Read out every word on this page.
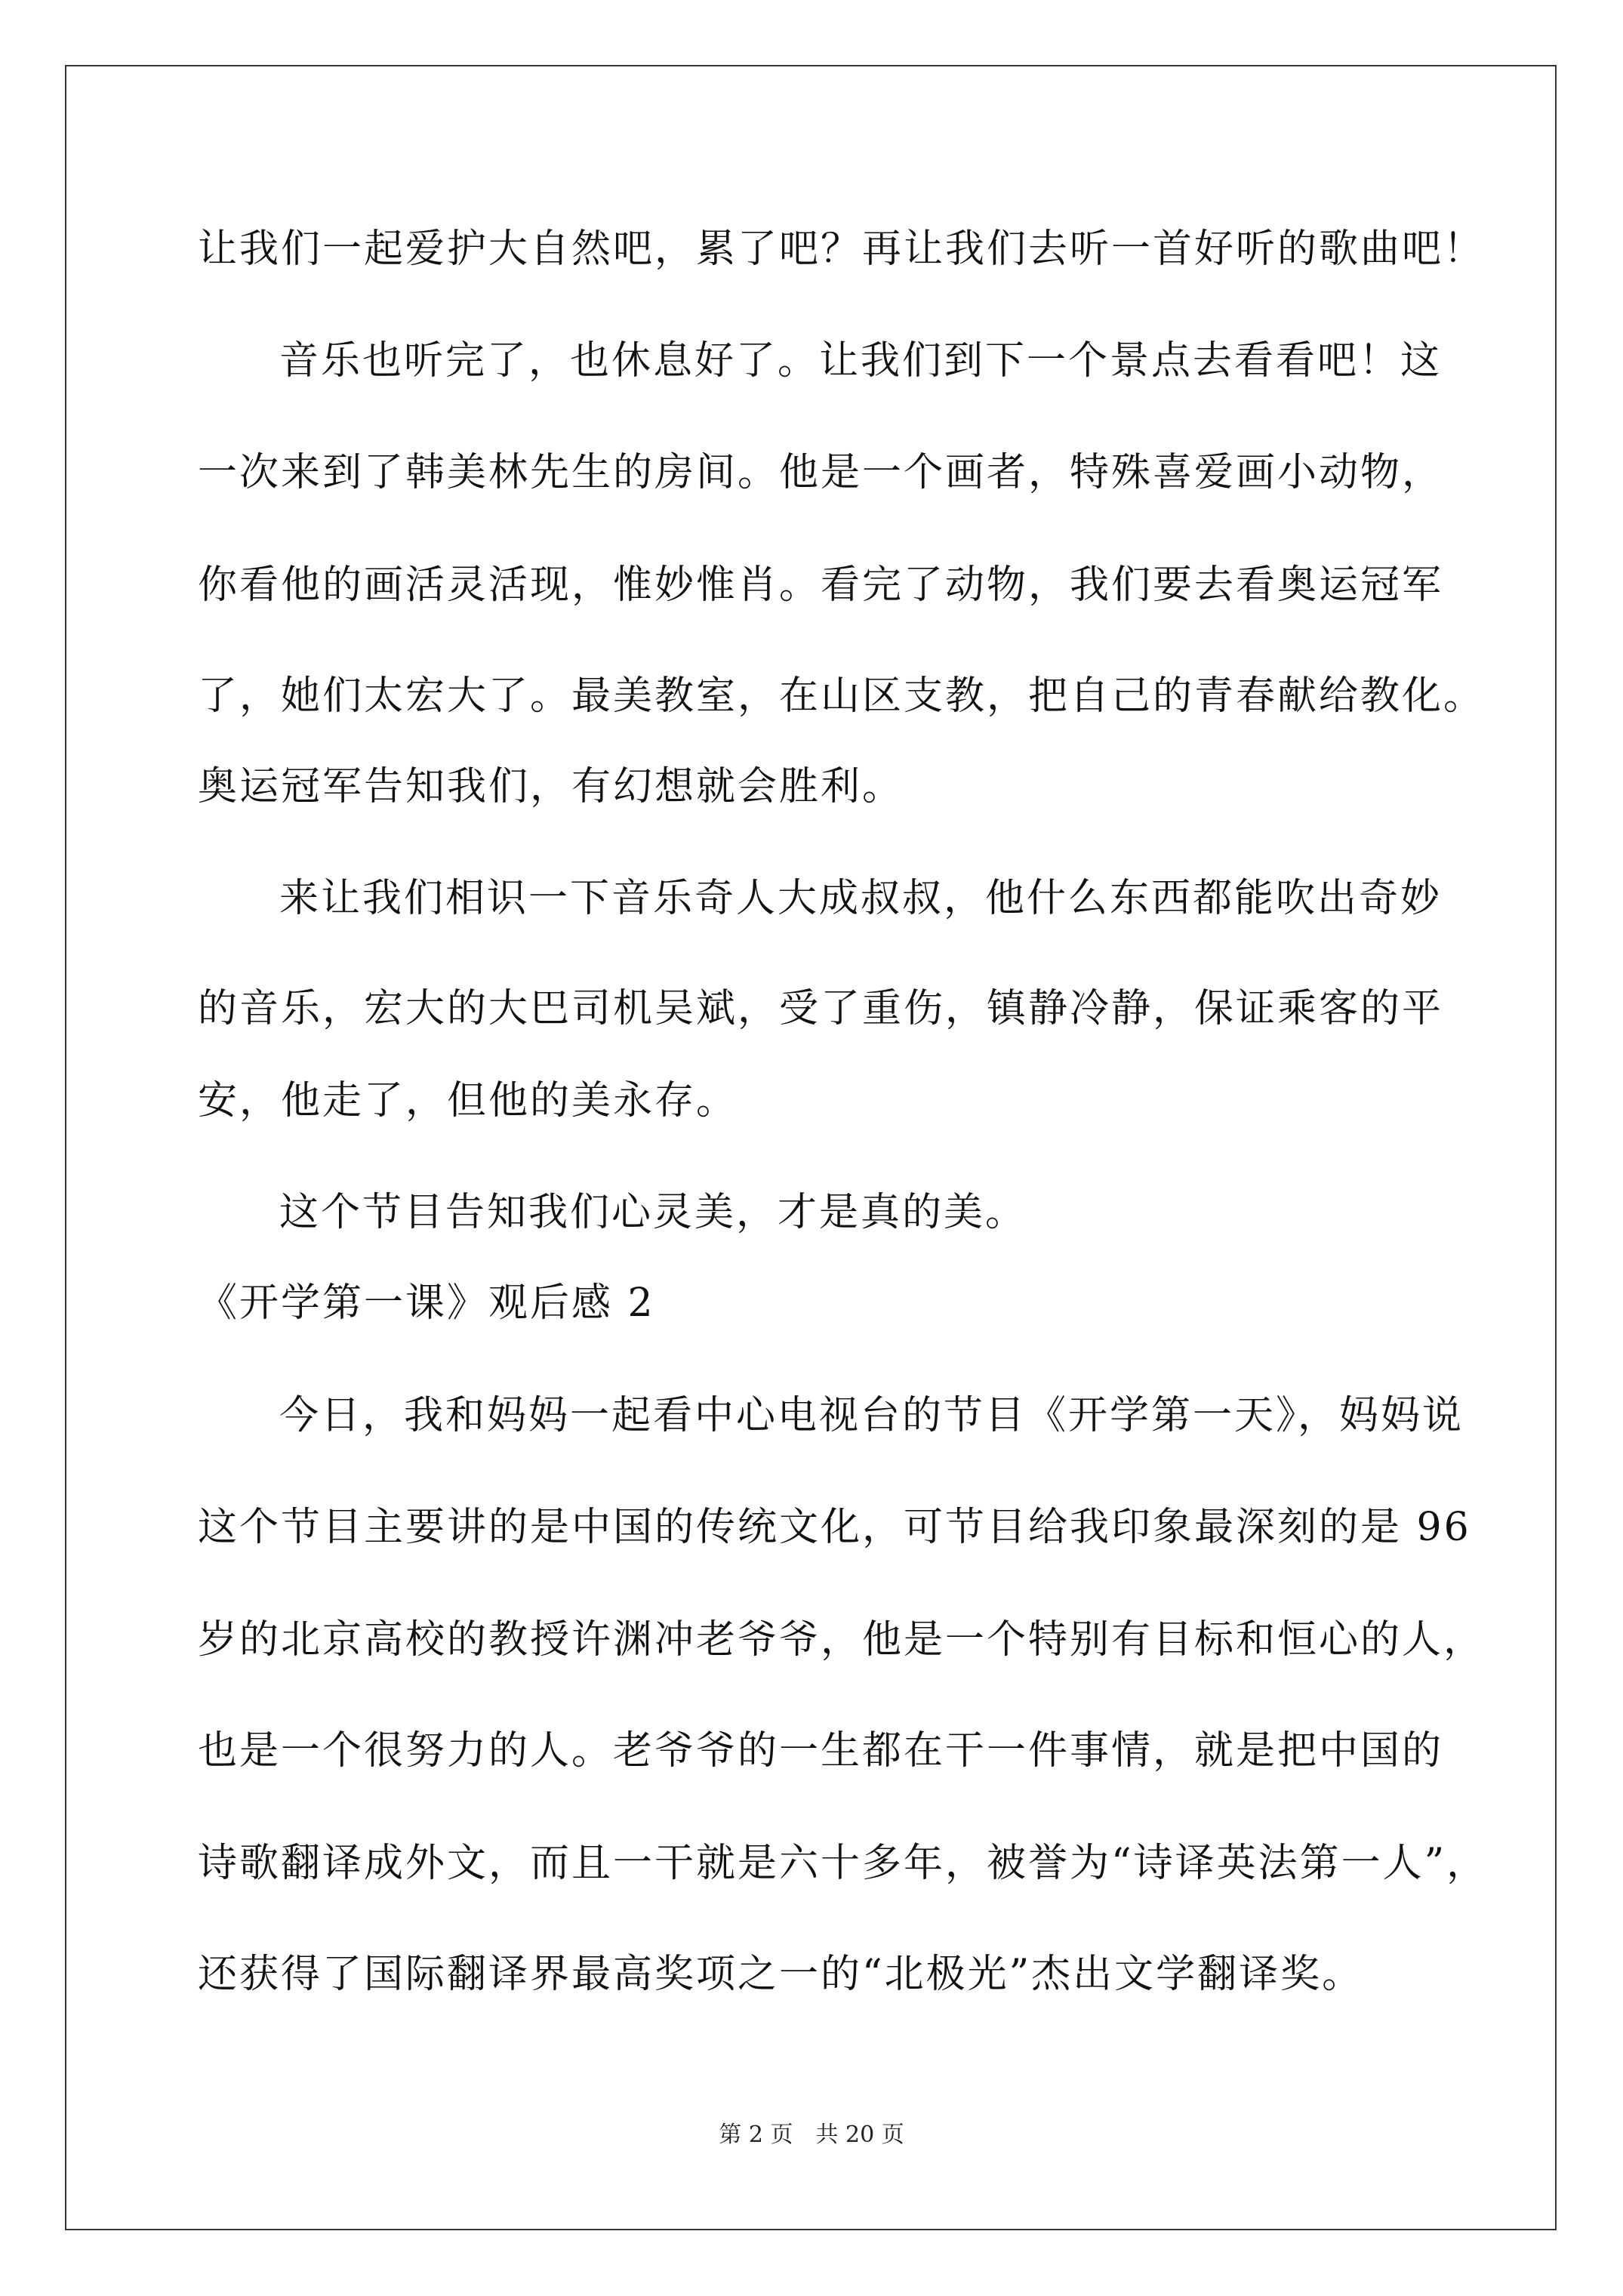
让我们一起爱护大自然吧，累了吧？再让我们去听一首好听的歌曲吧！
音乐也听完了，也休息好了。让我们到下一个景点去看看吧！这
一次来到了韩美林先生的房间。他是一个画者，特殊喜爱画小动物，
你看他的画活灵活现，惟妙惟肖。看完了动物，我们要去看奥运冠军
了，她们太宏大了。最美教室，在山区支教，把自己的青春献给教化。
奥运冠军告知我们，有幻想就会胜利。
来让我们相识一下音乐奇人大成叔叔，他什么东西都能吹出奇妙
的音乐，宏大的大巴司机吴斌，受了重伤，镇静冷静，保证乘客的平
安，他走了，但他的美永存。
这个节目告知我们心灵美，才是真的美。
《开学第一课》观后感 2
今日，我和妈妈一起看中心电视台的节目《开学第一天》，妈妈说
这个节目主要讲的是中国的传统文化，可节目给我印象最深刻的是 96
岁的北京高校的教授许渊冲老爷爷，他是一个特别有目标和恒心的人，
也是一个很努力的人。老爷爷的一生都在干一件事情，就是把中国的
诗歌翻译成外文，而且一干就是六十多年，被誉为“诗译英法第一人”，
还获得了国际翻译界最高奖项之一的“北极光”杰出文学翻译奖。
第 2 页　共 20 页
